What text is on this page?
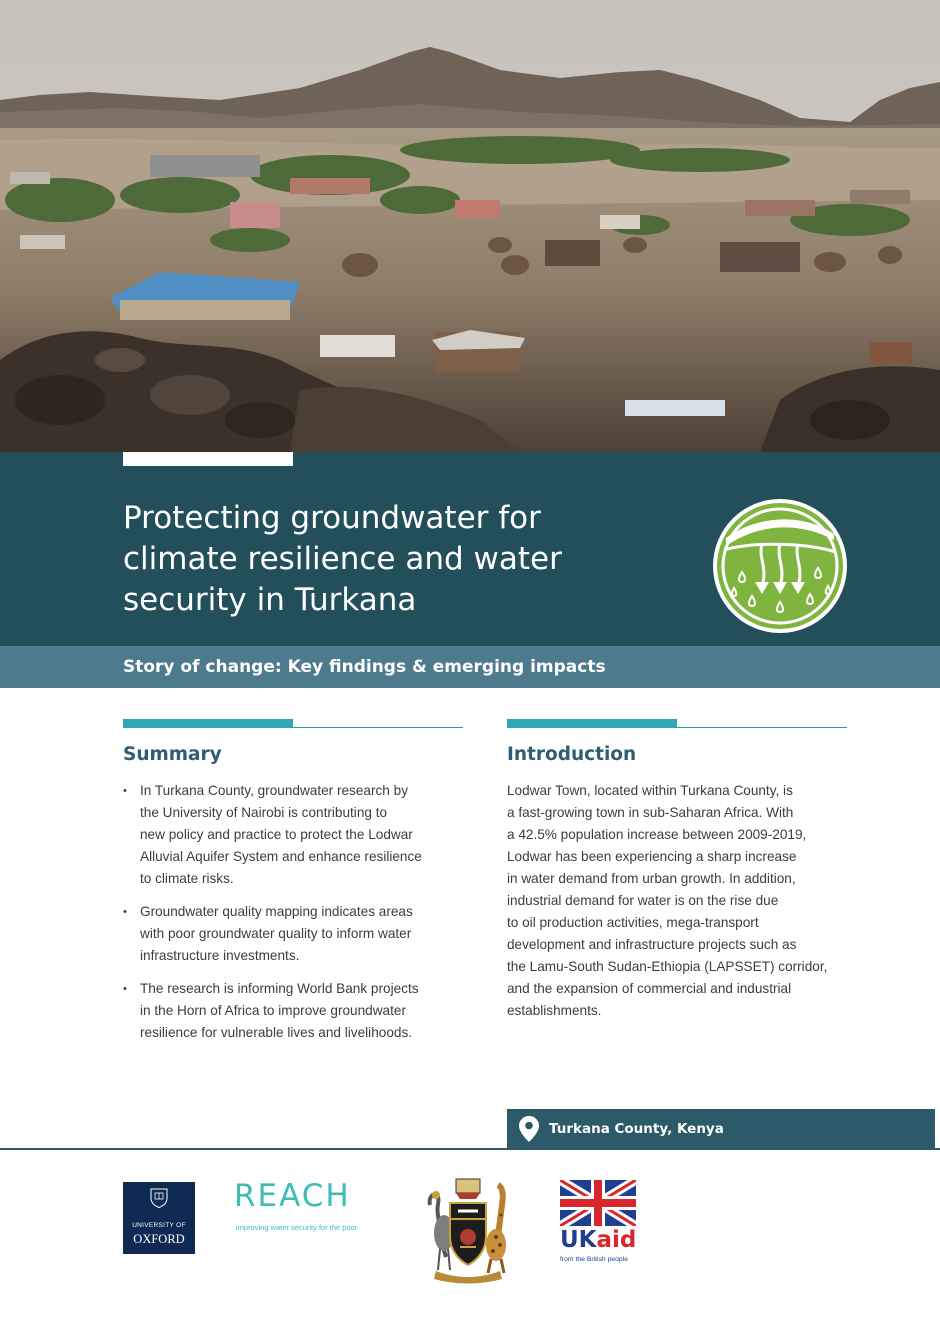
Protecting groundwater for
climate resilience and water
security in Turkana
Story of change: Key findings & emerging impacts
Summary
• In Turkana County, groundwater research by
the University of Nairobi is contributing to
new policy and practice to protect the Lodwar
Alluvial Aquifer System and enhance resilience
to climate risks.
• Groundwater quality mapping indicates areas
with poor groundwater quality to inform water
infrastructure investments.
• The research is informing World Bank projects
in the Horn of Africa to improve groundwater
resilience for vulnerable lives and livelihoods.
Introduction
Lodwar Town, located within Turkana County, is
a fast-growing town in sub-Saharan Africa. With
a 42.5% population increase between 2009-2019,
Lodwar has been experiencing a sharp increase
in water demand from urban growth. In addition,
industrial demand for water is on the rise due
to oil production activities, mega-transport
development and infrastructure projects such as
the Lamu-South Sudan-Ethiopia (LAPSSET) corridor,
and the expansion of commercial and industrial
establishments.
Turkana County, Kenya
UNIVERSITY OF
OXFORD
REACH
improving water security for the poor	UKaid
from the British people
